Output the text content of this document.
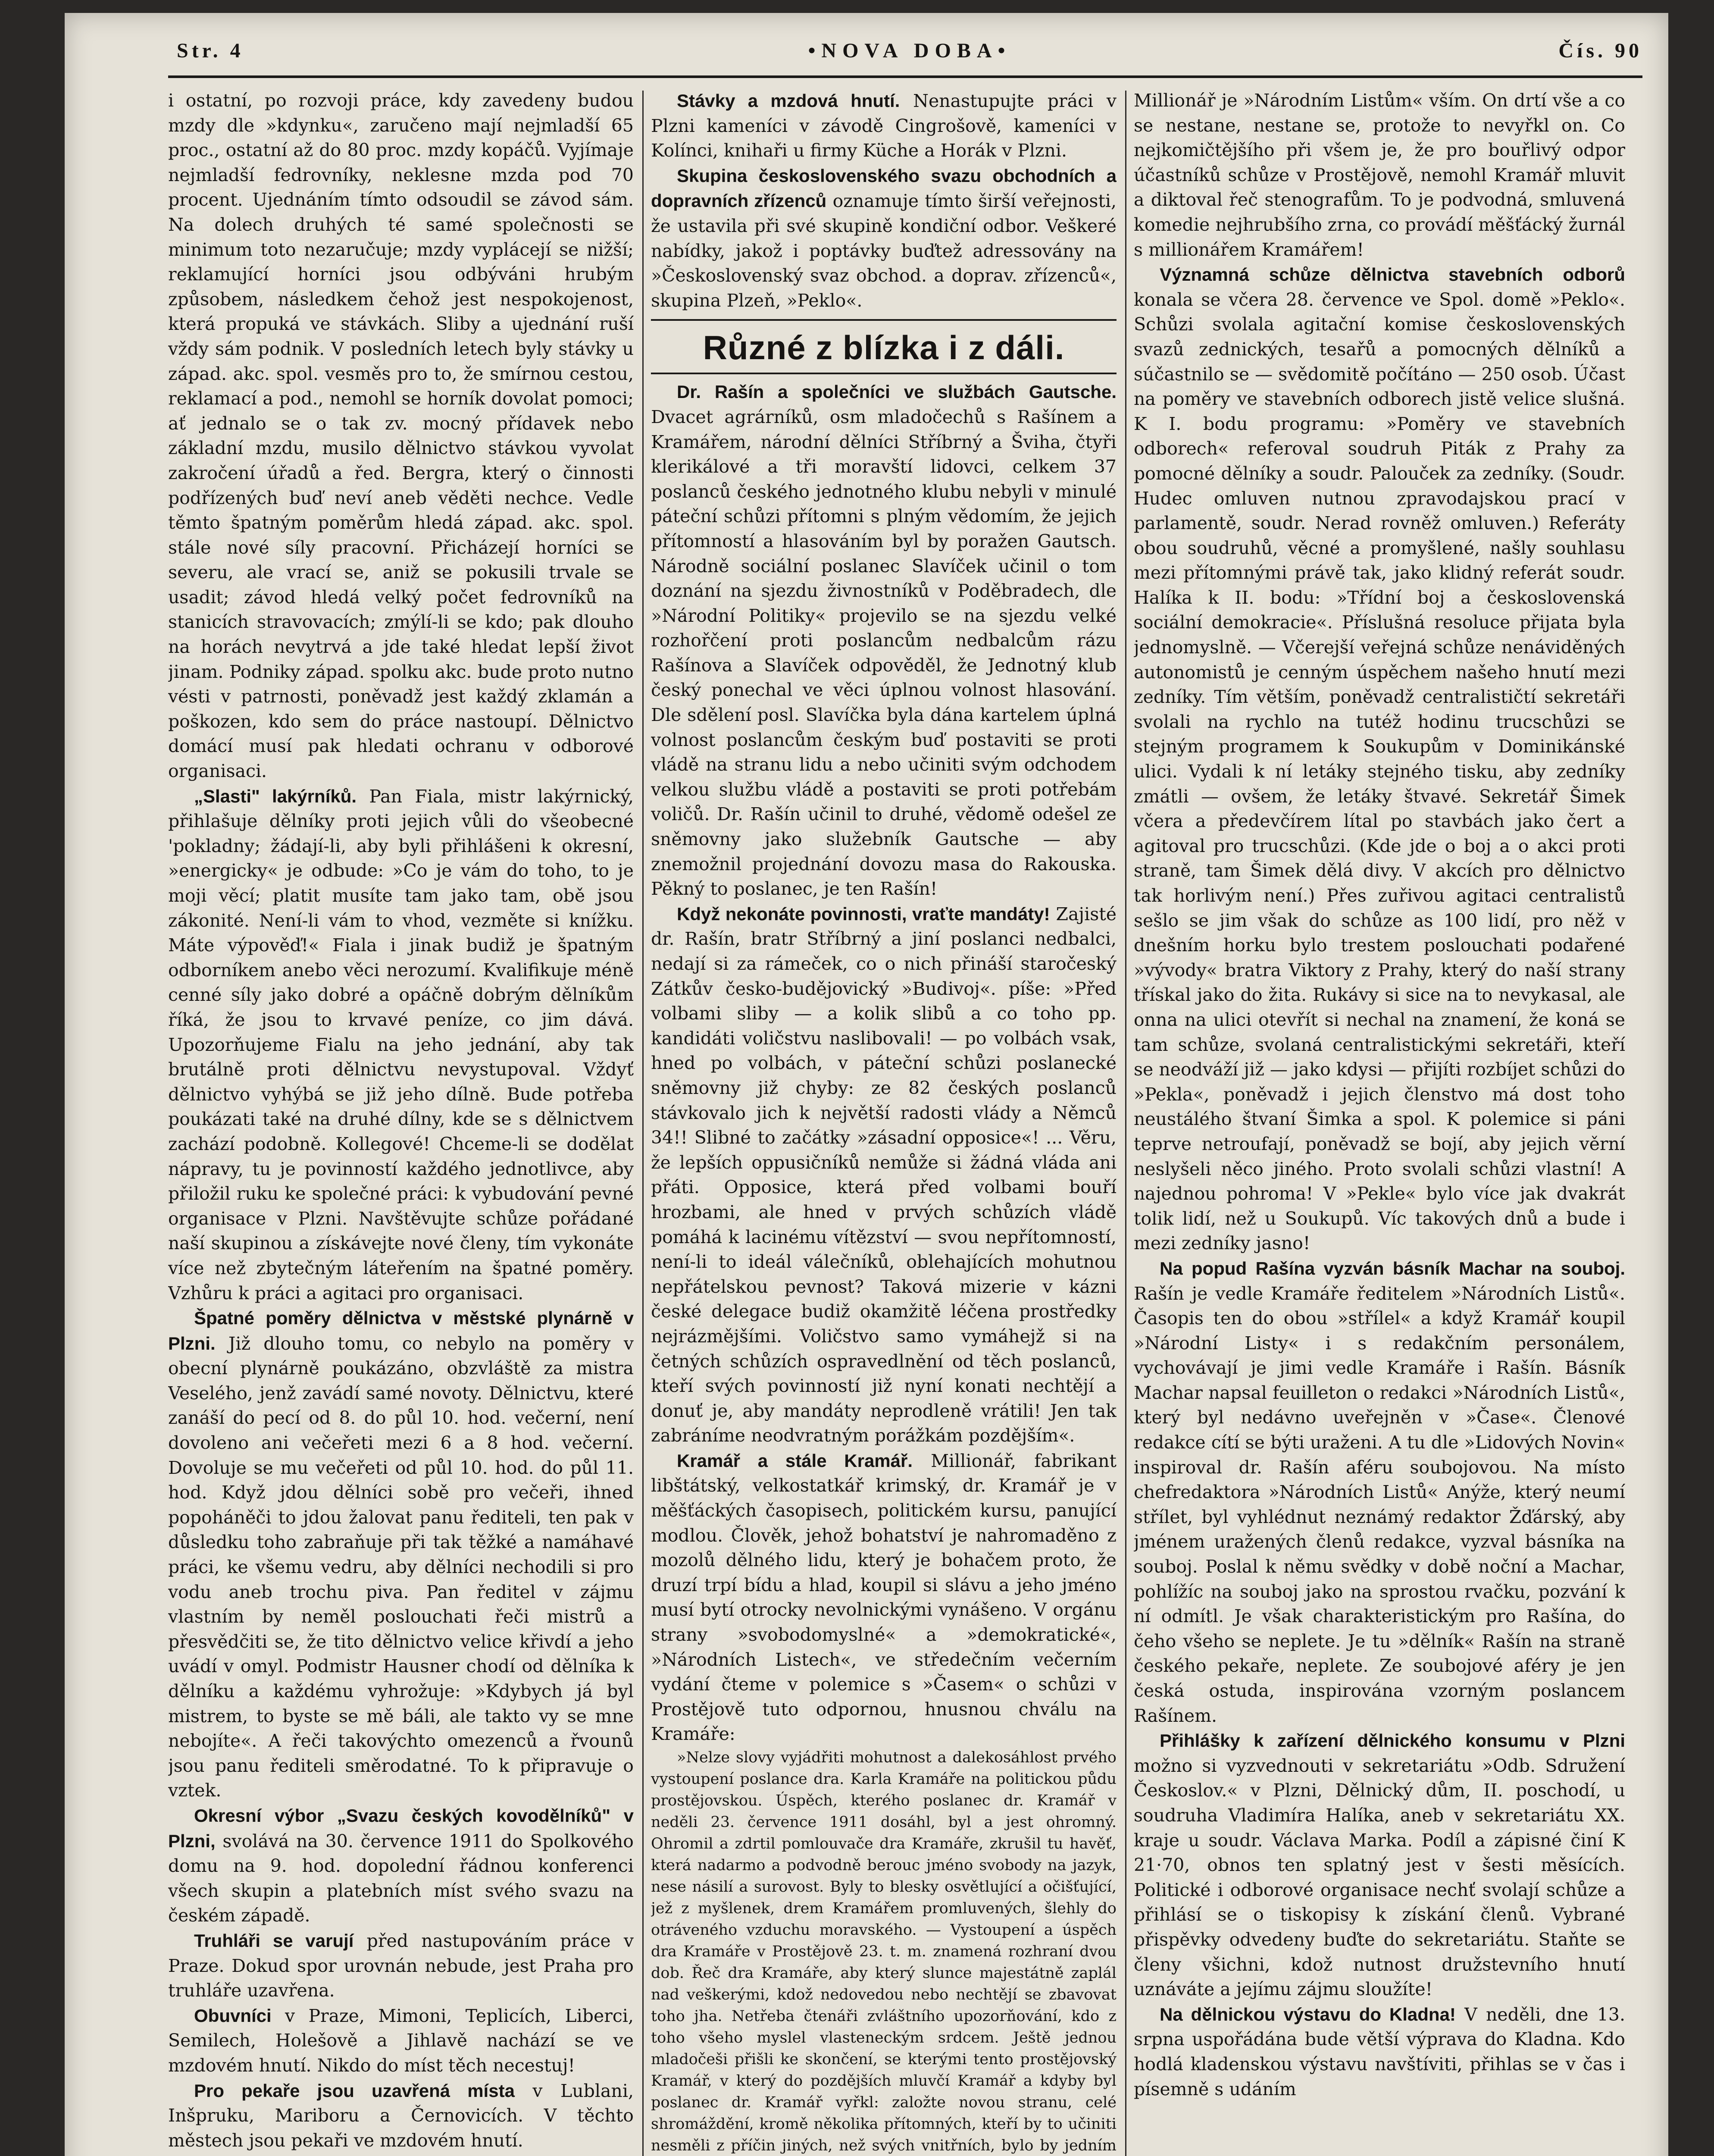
Str. 4	•NOVA DOBA•	Čís. 90

i ostatní, po rozvoji práce, kdy zavedeny budou mzdy dle »kdynku«, zaručeno mají nejmladší 65 proc., ostatní až do 80 proc. mzdy kopáčů. Vyjímaje nejmladší fedrovníky, neklesne mzda pod 70 procent. Ujednáním tímto odsoudil se závod sám. Na dolech druhých té samé společnosti se minimum toto nezaručuje; mzdy vyplácejí se nižší; reklamující horníci jsou odbýváni hrubým způsobem, následkem čehož jest nespokojenost, která propuká ve stávkách. Sliby a ujednání ruší vždy sám podnik. V posledních letech byly stávky u západ. akc. spol. vesměs pro to, že smírnou cestou, reklamací a pod., nemohl se horník dovolat pomoci; ať jednalo se o tak zv. mocný přídavek nebo základní mzdu, musilo dělnictvo stávkou vyvolat zakročení úřadů a řed. Bergra, který o činnosti podřízených buď neví aneb věděti nechce. Vedle těmto špatným poměrům hledá západ. akc. spol. stále nové síly pracovní. Přicházejí horníci se severu, ale vrací se, aniž se pokusili trvale se usadit; závod hledá velký počet fedrovníků na stanicích stravovacích; zmýlí-li se kdo; pak dlouho na horách nevytrvá a jde také hledat lepší život jinam. Podniky západ. spolku akc. bude proto nutno vésti v patrnosti, poněvadž jest každý zklamán a poškozen, kdo sem do práce nastoupí. Dělnictvo domácí musí pak hledati ochranu v odborové organisaci.

„Slasti" lakýrníků. Pan Fiala, mistr lakýrnický, přihlašuje dělníky proti jejich vůli do všeobecné 'pokladny; žádají-li, aby byli přihlášeni k okresní, »energicky« je odbude: »Co je vám do toho, to je moji věcí; platit musíte tam jako tam, obě jsou zákonité. Není-li vám to vhod, vezměte si knížku. Máte výpověď!« Fiala i jinak budiž je špatným odborníkem anebo věci nerozumí. Kvalifikuje méně cenné síly jako dobré a opáčně dobrým dělníkům říká, že jsou to krvavé peníze, co jim dává. Upozorňujeme Fialu na jeho jednání, aby tak brutálně proti dělnictvu nevystupoval. Vždyť dělnictvo vyhýbá se již jeho dílně. Bude potřeba poukázati také na druhé dílny, kde se s dělnictvem zachází podobně. Kollegové! Chceme-li se dodělat nápravy, tu je povinností každého jednotlivce, aby přiložil ruku ke společné práci: k vybudování pevné organisace v Plzni. Navštěvujte schůze pořádané naší skupinou a získávejte nové členy, tím vykonáte více než zbytečným láteřením na špatné poměry. Vzhůru k práci a agitaci pro organisaci.

Špatné poměry dělnictva v městské plynárně v Plzni. Již dlouho tomu, co nebylo na poměry v obecní plynárně poukázáno, obzvláště za mistra Veselého, jenž zavádí samé novoty. Dělnictvu, které zanáší do pecí od 8. do půl 10. hod. večerní, není dovoleno ani večeřeti mezi 6 a 8 hod. večerní. Dovoluje se mu večeřeti od půl 10. hod. do půl 11. hod. Když jdou dělníci sobě pro večeři, ihned popoháněči to jdou žalovat panu řediteli, ten pak v důsledku toho zabraňuje při tak těžké a namáhavé práci, ke všemu vedru, aby dělníci nechodili si pro vodu aneb trochu piva. Pan ředitel v zájmu vlastním by neměl poslouchati řeči mistrů a přesvědčiti se, že tito dělnictvo velice křivdí a jeho uvádí v omyl. Podmistr Hausner chodí od dělníka k dělníku a každému vyhrožuje: »Kdybych já byl mistrem, to byste se mě báli, ale takto vy se mne nebojíte«. A řeči takovýchto omezenců a řvounů jsou panu řediteli směrodatné. To k připravuje o vztek.

Okresní výbor „Svazu českých kovodělníků" v Plzni, svolává na 30. července 1911 do Spolkového domu na 9. hod. dopolední řádnou konferenci všech skupin a platebních míst svého svazu na českém západě.

Truhláři se varují před nastupováním práce v Praze. Dokud spor urovnán nebude, jest Praha pro truhláře uzavřena.

Obuvníci v Praze, Mimoni, Teplicích, Liberci, Semilech, Holešově a Jihlavě nachází se ve mzdovém hnutí. Nikdo do míst těch necestuj!

Pro pekaře jsou uzavřená místa v Lublani, Inšpruku, Mariboru a Černovicích. V těchto městech jsou pekaři ve mzdovém hnutí.

Stávky a mzdová hnutí. Nenastupujte práci v Plzni kameníci v závodě Cingrošově, kameníci v Kolínci, knihaři u firmy Küche a Horák v Plzni.

Skupina československého svazu obchodních a dopravních zřízenců oznamuje tímto širší veřejnosti, že ustavila při své skupině kondiční odbor. Veškeré nabídky, jakož i poptávky buďtež adressovány na »Československý svaz obchod. a doprav. zřízenců«, skupina Plzeň, »Peklo«.

Různé z blízka i z dáli.

Dr. Rašín a společníci ve službách Gautsche. Dvacet agrárníků, osm mladočechů s Rašínem a Kramářem, národní dělníci Stříbrný a Šviha, čtyři klerikálové a tři moravští lidovci, celkem 37 poslanců českého jednotného klubu nebyli v minulé páteční schůzi přítomni s plným vědomím, že jejich přítomností a hlasováním byl by poražen Gautsch. Národně sociální poslanec Slavíček učinil o tom doznání na sjezdu živnostníků v Poděbradech, dle »Národní Politiky« projevilo se na sjezdu velké rozhořčení proti poslancům nedbalcům rázu Rašínova a Slavíček odpověděl, že Jednotný klub český ponechal ve věci úplnou volnost hlasování. Dle sdělení posl. Slavíčka byla dána kartelem úplná volnost poslancům českým buď postaviti se proti vládě na stranu lidu a nebo učiniti svým odchodem velkou službu vládě a postaviti se proti potřebám voličů. Dr. Rašín učinil to druhé, vědomě odešel ze sněmovny jako služebník Gautsche — aby znemožnil projednání dovozu masa do Rakouska. Pěkný to poslanec, je ten Rašín!

Když nekonáte povinnosti, vraťte mandáty! Zajisté dr. Rašín, bratr Stříbrný a jiní poslanci nedbalci, nedají si za rámeček, co o nich přináší staročeský Zátkův česko-budějovický »Budivoj«. píše: »Před volbami sliby — a kolik slibů a co toho pp. kandidáti voličstvu naslibovali! — po volbách vsak, hned po volbách, v páteční schůzi poslanecké sněmovny již chyby: ze 82 českých poslanců stávkovalo jich k největší radosti vlády a Němců 34!! Slibné to začátky »zásadní opposice«! ... Věru, že lepších oppusičníků nemůže si žádná vláda ani přáti. Opposice, která před volbami bouří hrozbami, ale hned v prvých schůzích vládě pomáhá k lacinému vítězství — svou nepřítomností, není-li to ideál válečníků, oblehajících mohutnou nepřátelskou pevnost? Taková mizerie v kázni české delegace budiž okamžitě léčena prostředky nejrázmějšími. Voličstvo samo vymáhejž si na četných schůzích ospravedlnění od těch poslanců, kteří svých povinností již nyní konati nechtějí a donuť je, aby mandáty neprodleně vrátili! Jen tak zabráníme neodvratným porážkám pozdějším«.

Kramář a stále Kramář. Millionář, fabrikant libštátský, velkostatkář krimský, dr. Kramář je v měšťáckých časopisech, politickém kursu, panující modlou. Člověk, jehož bohatství je nahromaděno z mozolů dělného lidu, který je bohačem proto, že druzí trpí bídu a hlad, koupil si slávu a jeho jméno musí bytí otrocky nevolnickými vynášeno. V orgánu strany »svobodomyslné« a »demokratické«, »Národních Listech«, ve středečním večerním vydání čteme v polemice s »Časem« o schůzi v Prostějově tuto odpornou, hnusnou chválu na Kramáře:

»Nelze slovy vyjádřiti mohutnost a dalekosáhlost prvého vystoupení poslance dra. Karla Kramáře na politickou půdu prostějovskou. Úspěch, kterého poslanec dr. Kramář v neděli 23. července 1911 dosáhl, byl a jest ohromný. Ohromil a zdrtil pomlouvače dra Kramáře, zkrušil tu havěť, která nadarmo a podvodně berouc jméno svobody na jazyk, nese násilí a surovost. Byly to blesky osvětlující a očišťující, jež z myšlenek, drem Kramářem promluvených, šlehly do otráveného vzduchu moravského. — Vystoupení a úspěch dra Kramáře v Prostějově 23. t. m. znamená rozhraní dvou dob. Řeč dra Kramáře, aby který slunce majestátně zaplál nad veškerými, kdož nedovedou nebo nechtějí se zbavovat toho jha. Netřeba čtenáři zvláštního upozorňování, kdo z toho všeho myslel vlasteneckým srdcem. Ještě jednou mladočeši přišli ke skončení, se kterými tento prostějovský Kramář, v který do pozdějších mluvčí Kramář a kdyby byl poslanec dr. Kramář vyřkl: založte novou stranu, celé shromáždění, kromě několika přítomných, kteří by to učiniti nesměli z příčin jiných, než svých vnitřních, bylo by jedním

Millionář je »Národním Listům« vším. On drtí vše a co se nestane, nestane se, protože to nevyřkl on. Co nejkomičtějšího při všem je, že pro bouřlivý odpor účastníků schůze v Prostějově, nemohl Kramář mluvit a diktoval řeč stenografům. To je podvodná, smluvená komedie nejhrubšího zrna, co provádí měšťácký žurnál s millionářem Kramářem!

Významná schůze dělnictva stavebních odborů konala se včera 28. července ve Spol. domě »Peklo«. Schůzi svolala agitační komise československých svazů zednických, tesařů a pomocných dělníků a súčastnilo se — svědomitě počítáno — 250 osob. Účast na poměry ve stavebních odborech jistě velice slušná. K I. bodu programu: »Poměry ve stavebních odborech« referoval soudruh Piták z Prahy za pomocné dělníky a soudr. Palouček za zedníky. (Soudr. Hudec omluven nutnou zpravodajskou prací v parlamentě, soudr. Nerad rovněž omluven.) Referáty obou soudruhů, věcné a promyšlené, našly souhlasu mezi přítomnými právě tak, jako klidný referát soudr. Halíka k II. bodu: »Třídní boj a československá sociální demokracie«. Příslušná resoluce přijata byla jednomyslně. — Včerejší veřejná schůze nenáviděných autonomistů je cenným úspěchem našeho hnutí mezi zedníky. Tím větším, poněvadž centralističtí sekretáři svolali na rychlo na tutéž hodinu trucschůzi se stejným programem k Soukupům v Dominikánské ulici. Vydali k ní letáky stejného tisku, aby zedníky zmátli — ovšem, že letáky štvavé. Sekretář Šimek včera a předevčírem lítal po stavbách jako čert a agitoval pro trucschůzi. (Kde jde o boj a o akci proti straně, tam Šimek dělá divy. V akcích pro dělnictvo tak horlivým není.) Přes zuřivou agitaci centralistů sešlo se jim však do schůze as 100 lidí, pro něž v dnešním horku bylo trestem poslouchati podařené »vývody« bratra Viktory z Prahy, který do naší strany třískal jako do žita. Rukávy si sice na to nevykasal, ale onna na ulici otevřít si nechal na znamení, že koná se tam schůze, svolaná centralistickými sekretáři, kteří se neodváží již — jako kdysi — přijíti rozbíjet schůzi do »Pekla«, poněvadž i jejich členstvo má dost toho neustálého štvaní Šimka a spol. K polemice si páni teprve netroufají, poněvadž se bojí, aby jejich věrní neslyšeli něco jiného. Proto svolali schůzi vlastní! A najednou pohroma! V »Pekle« bylo více jak dvakrát tolik lidí, než u Soukupů. Víc takových dnů a bude i mezi zedníky jasno!

Na popud Rašína vyzván básník Machar na souboj. Rašín je vedle Kramáře ředitelem »Národních Listů«. Časopis ten do obou »střílel« a když Kramář koupil »Národní Listy« i s redakčním personálem, vychovávají je jimi vedle Kramáře i Rašín. Básník Machar napsal feuilleton o redakci »Národních Listů«, který byl nedávno uveřejněn v »Čase«. Členové redakce cítí se býti uraženi. A tu dle »Lidových Novin« inspiroval dr. Rašín aféru soubojovou. Na místo chefredaktora »Národních Listů« Anýže, který neumí střílet, byl vyhlédnut neznámý redaktor Žďárský, aby jménem uražených členů redakce, vyzval básníka na souboj. Poslal k němu svědky v době noční a Machar, pohlížíc na souboj jako na sprostou rvačku, pozvání k ní odmítl. Je však charakteristickým pro Rašína, do čeho všeho se neplete. Je tu »dělník« Rašín na straně českého pekaře, neplete. Ze soubojové aféry je jen česká ostuda, inspirována vzorným poslancem Rašínem.

Přihlášky k zařízení dělnického konsumu v Plzni možno si vyzvednouti v sekretariátu »Odb. Sdružení Českoslov.« v Plzni, Dělnický dům, II. poschodí, u soudruha Vladimíra Halíka, aneb v sekretariátu XX. kraje u soudr. Václava Marka. Podíl a zápisné činí K 21·70, obnos ten splatný jest v šesti měsících. Politické i odborové organisace nechť svolají schůze a přihlásí se o tiskopisy k získání členů. Vybrané přispěvky odvedeny buďte do sekretariátu. Staňte se členy všichni, kdož nutnost družstevního hnutí uznáváte a jejímu zájmu sloužíte!

Na dělnickou výstavu do Kladna! V neděli, dne 13. srpna uspořádána bude větší výprava do Kladna. Kdo hodlá kladenskou výstavu navštíviti, přihlas se v čas i písemně s udáním
